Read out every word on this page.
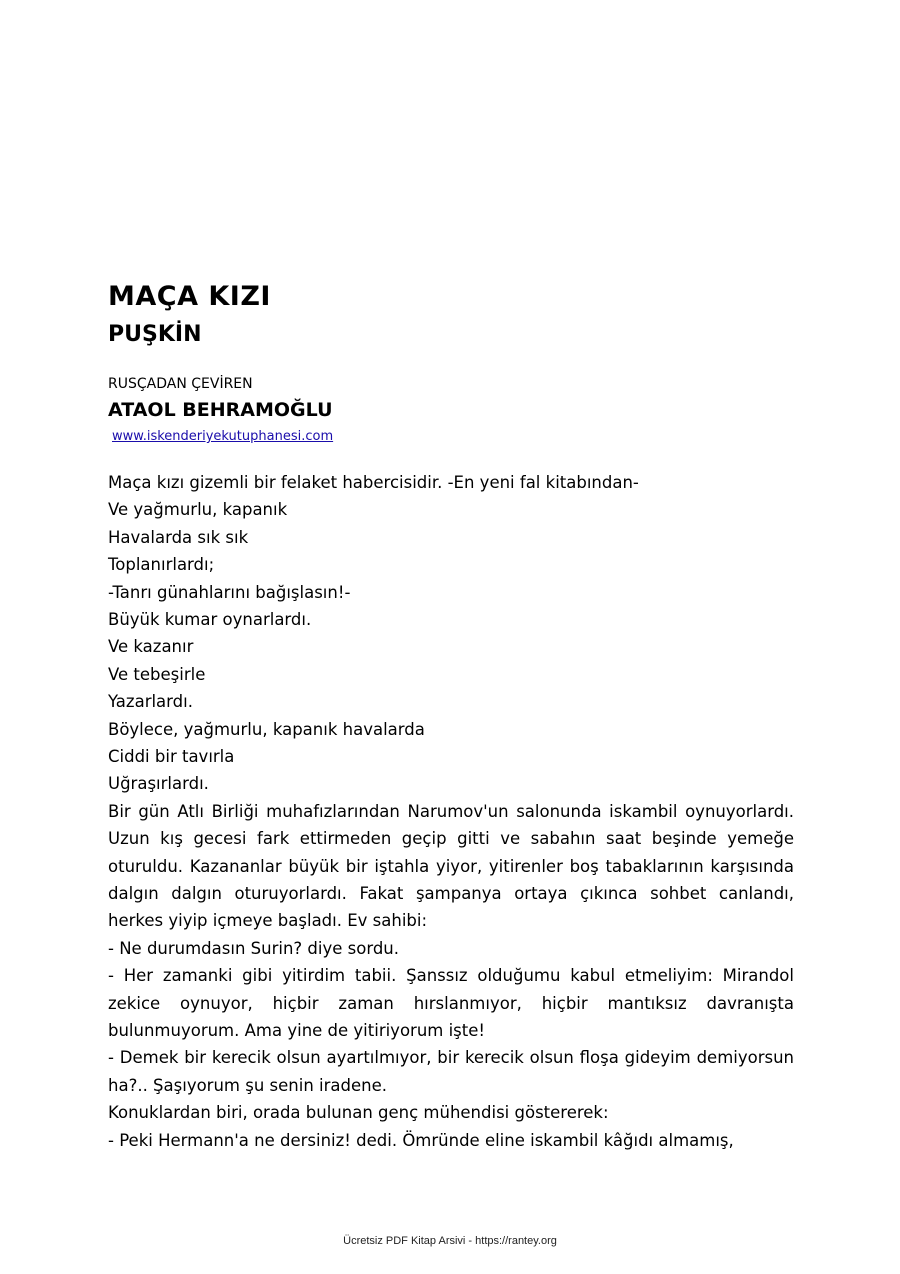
MAÇA KIZI
PUŞKİN

RUSÇADAN ÇEVİREN

ATAOL BEHRAMOĞLU

www.iskenderiyekutuphanesi.com
Maça kızı gizemli bir felaket habercisidir. -En yeni fal kitabından-
Ve yağmurlu, kapanık
Havalarda sık sık
Toplanırlardı;
-Tanrı günahlarını bağışlasın!-
Büyük kumar oynarlardı.
Ve kazanır
Ve tebeşirle
Yazarlardı.
Böylece, yağmurlu, kapanık havalarda
Ciddi bir tavırla
Uğraşırlardı.
Bir gün Atlı Birliği muhafızlarından Narumov'un salonunda iskambil oynuyorlardı. Uzun kış gecesi fark ettirmeden geçip gitti ve sabahın saat beşinde yemeğe oturuldu. Kazananlar büyük bir iştahla yiyor, yitirenler boş tabaklarının karşısında dalgın dalgın oturuyorlardı. Fakat şampanya ortaya çıkınca sohbet canlandı, herkes yiyip içmeye başladı. Ev sahibi:
- Ne durumdasın Surin? diye sordu.
- Her zamanki gibi yitirdim tabii. Şanssız olduğumu kabul etmeliyim: Mirandol zekice oynuyor, hiçbir zaman hırslanmıyor, hiçbir mantıksız davranışta bulunmuyorum. Ama yine de yitiriyorum işte!
- Demek bir kerecik olsun ayartılmıyor, bir kerecik olsun floşa gideyim demiyorsun ha?.. Şaşıyorum şu senin iradene.
Konuklardan biri, orada bulunan genç mühendisi göstererek:
- Peki Hermann'a ne dersiniz! dedi. Ömründe eline iskambil kâğıdı almamış,
Ücretsiz PDF Kitap Arsivi - https://rantey.org
